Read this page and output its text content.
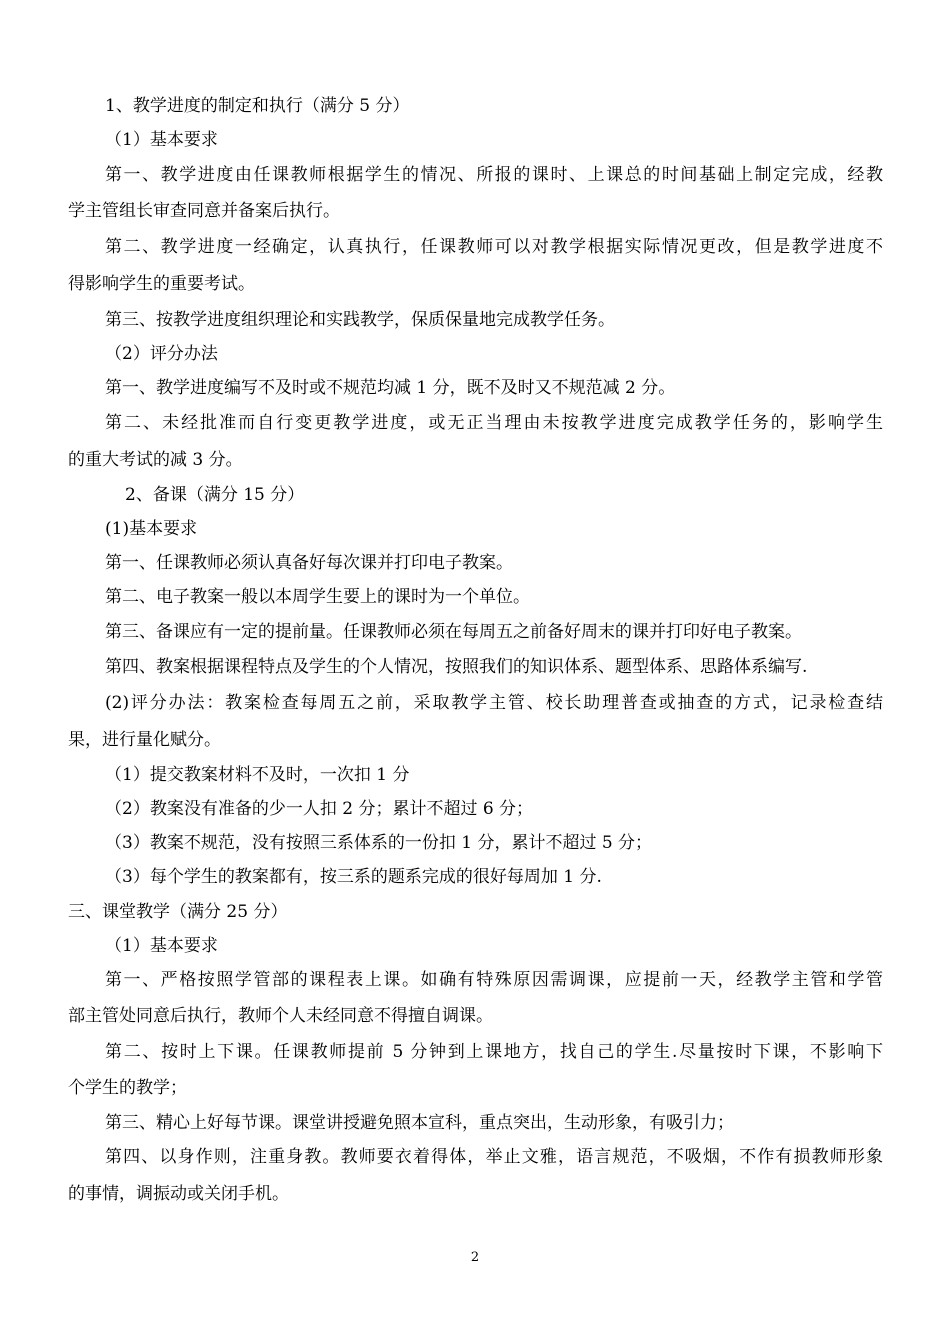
1、教学进度的制定和执行（满分 5 分）
（1）基本要求
第一、教学进度由任课教师根据学生的情况、所报的课时、上课总的时间基础上制定完成，经教
学主管组长审查同意并备案后执行。
第二、教学进度一经确定，认真执行，任课教师可以对教学根据实际情况更改，但是教学进度不
得影响学生的重要考试。
第三、按教学进度组织理论和实践教学，保质保量地完成教学任务。
（2）评分办法
第一、教学进度编写不及时或不规范均减 1 分，既不及时又不规范减 2 分。
第二、未经批准而自行变更教学进度，或无正当理由未按教学进度完成教学任务的，影响学生
的重大考试的减 3 分。
2、备课（满分 15 分）
(1)基本要求
第一、任课教师必须认真备好每次课并打印电子教案。
第二、电子教案一般以本周学生要上的课时为一个单位。
第三、备课应有一定的提前量。任课教师必须在每周五之前备好周末的课并打印好电子教案。
第四、教案根据课程特点及学生的个人情况，按照我们的知识体系、题型体系、思路体系编写.
(2)评分办法：教案检查每周五之前，采取教学主管、校长助理普查或抽查的方式，记录检查结
果，进行量化赋分。
（1）提交教案材料不及时，一次扣 1 分
（2）教案没有准备的少一人扣 2 分；累计不超过 6 分；
（3）教案不规范，没有按照三系体系的一份扣 1 分，累计不超过 5 分；
（3）每个学生的教案都有，按三系的题系完成的很好每周加 1 分.
三、课堂教学（满分 25 分）
（1）基本要求
第一、严格按照学管部的课程表上课。如确有特殊原因需调课，应提前一天，经教学主管和学管
部主管处同意后执行，教师个人未经同意不得擅自调课。
第二、按时上下课。任课教师提前 5 分钟到上课地方，找自己的学生.尽量按时下课，不影响下
个学生的教学；
第三、精心上好每节课。课堂讲授避免照本宣科，重点突出，生动形象，有吸引力；
第四、以身作则，注重身教。教师要衣着得体，举止文雅，语言规范，不吸烟，不作有损教师形象
的事情，调振动或关闭手机。
2
